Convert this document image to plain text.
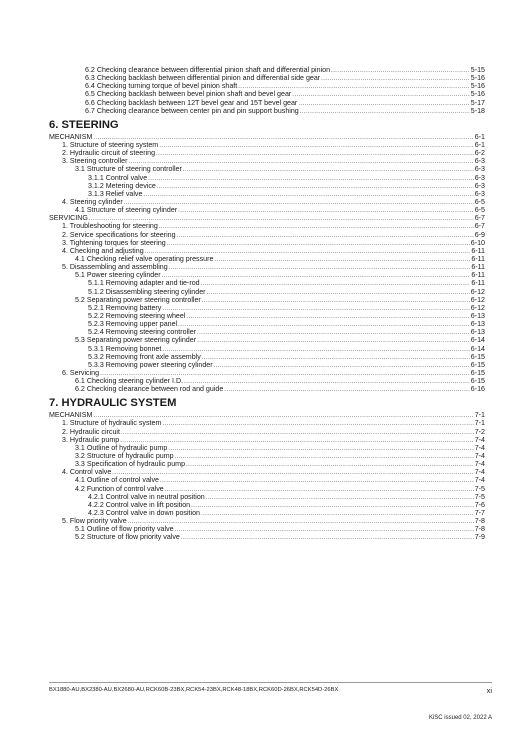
6.2 Checking clearance between differential pinion shaft and differential pinion .....	5-15
6.3 Checking backlash between differential pinion and differential side gear .....	5-16
6.4 Checking turning torque of bevel pinion shaft .....	5-16
6.5 Checking backlash between bevel pinion shaft and bevel gear .....	5-16
6.6 Checking backlash between 12T bevel gear and 15T bevel gear .....	5-17
6.7 Checking clearance between center pin and pin support bushing .....	5-18
6. STEERING
MECHANISM .....	6-1
1. Structure of steering system .....	6-1
2. Hydraulic circuit of steering .....	6-2
3. Steering controller .....	6-3
3.1 Structure of steering controller .....	6-3
3.1.1 Control valve .....	6-3
3.1.2 Metering device .....	6-3
3.1.3 Relief valve .....	6-3
4. Steering cylinder .....	6-5
4.1 Structure of steering cylinder .....	6-5
SERVICING .....	6-7
1. Troubleshooting for steering .....	6-7
2. Service specifications for steering .....	6-9
3. Tightening torques for steering .....	6-10
4. Checking and adjusting .....	6-11
4.1 Checking relief valve operating pressure .....	6-11
5. Disassembling and assembling .....	6-11
5.1 Power steering cylinder .....	6-11
5.1.1 Removing adapter and tie-rod .....	6-11
5.1.2 Disassembling steering cylinder .....	6-12
5.2 Separating power steering controller .....	6-12
5.2.1 Removing battery .....	6-12
5.2.2 Removing steering wheel .....	6-13
5.2.3 Removing upper panel .....	6-13
5.2.4 Removing steering controller .....	6-13
5.3 Separating power steering cylinder .....	6-14
5.3.1 Removing bonnet .....	6-14
5.3.2 Removing front axle assembly .....	6-15
5.3.3 Removing power steering cylinder .....	6-15
6. Servicing .....	6-15
6.1 Checking steering cylinder I.D. .....	6-15
6.2 Checking clearance between rod and guide .....	6-16
7. HYDRAULIC SYSTEM
MECHANISM .....	7-1
1. Structure of hydraulic system .....	7-1
2. Hydraulic circuit .....	7-2
3. Hydraulic pump .....	7-4
3.1 Outline of hydraulic pump .....	7-4
3.2 Structure of hydraulic pump .....	7-4
3.3 Specification of hydraulic pump .....	7-4
4. Control valve .....	7-4
4.1 Outline of control valve .....	7-4
4.2 Function of control valve .....	7-5
4.2.1 Control valve in neutral position .....	7-5
4.2.2 Control valve in lift position .....	7-6
4.2.3 Control valve in down position .....	7-7
5. Flow priority valve .....	7-8
5.1 Outline of flow priority valve .....	7-8
5.2 Structure of flow priority valve .....	7-9
BX1880-AU,BX2380-AU,BX2680-AU,RCK60B-23BX,RCK54-23BX,RCK48-18BX,RCK60D-26BX,RCK54D-26BX	xi
KiSC issued 02, 2022 A
